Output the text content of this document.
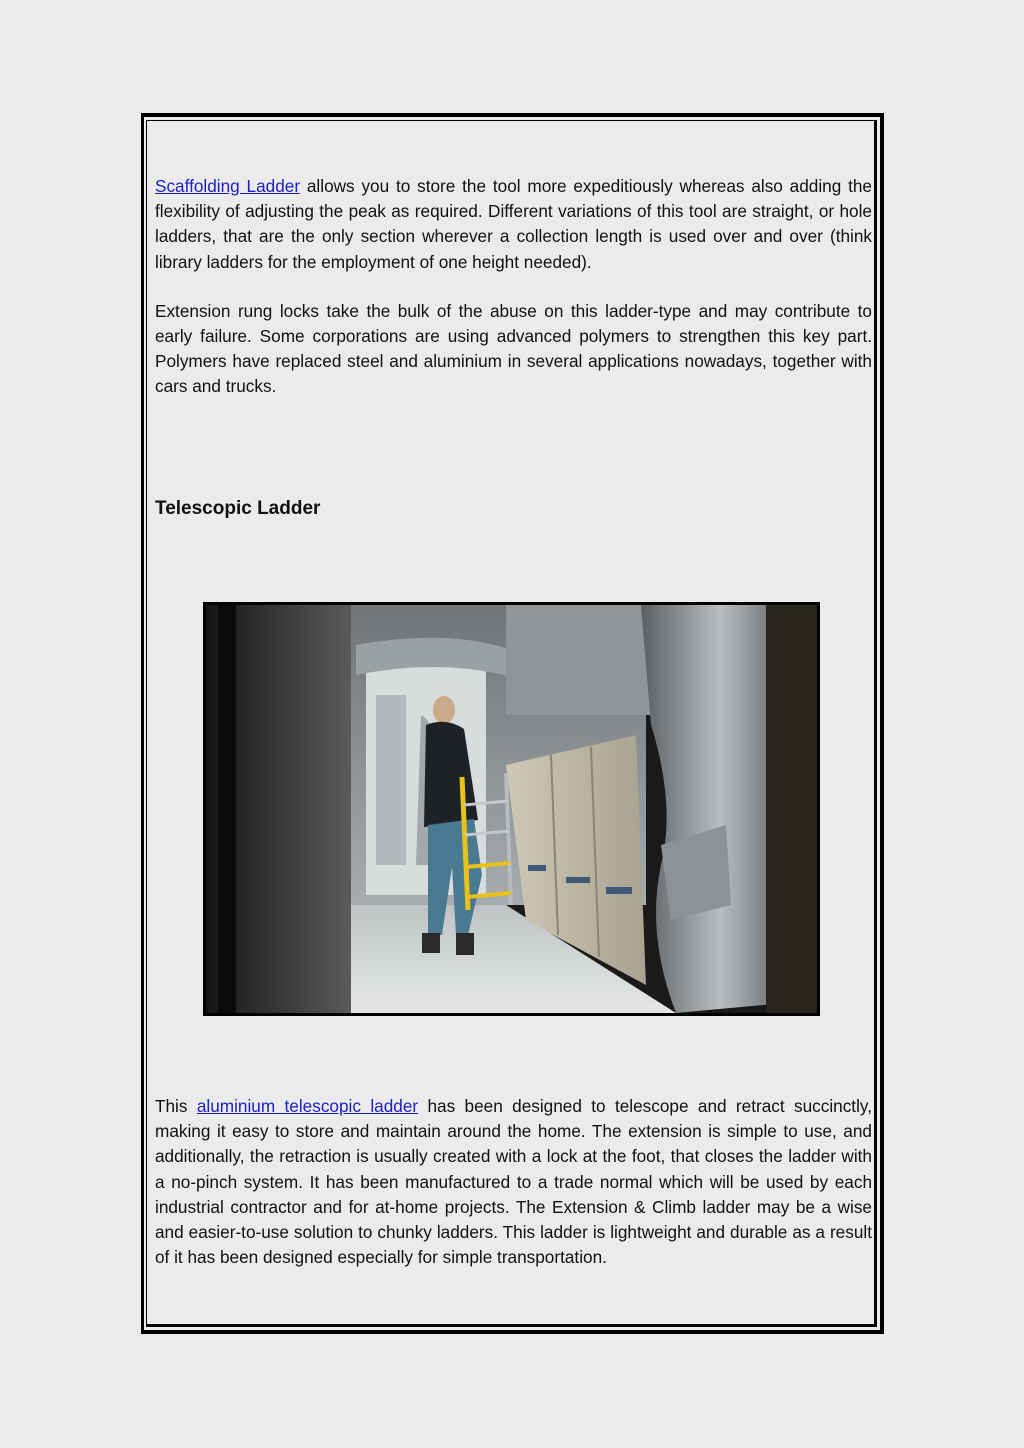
Scaffolding Ladder allows you to store the tool more expeditiously whereas also adding the flexibility of adjusting the peak as required. Different variations of this tool are straight, or hole ladders, that are the only section wherever a collection length is used over and over (think library ladders for the employment of one height needed).

Extension rung locks take the bulk of the abuse on this ladder-type and may contribute to early failure. Some corporations are using advanced polymers to strengthen this key part. Polymers have replaced steel and aluminium in several applications nowadays, together with cars and trucks.

Telescopic Ladder

This aluminium telescopic ladder has been designed to telescope and retract succinctly, making it easy to store and maintain around the home. The extension is simple to use, and additionally, the retraction is usually created with a lock at the foot, that closes the ladder with a no-pinch system. It has been manufactured to a trade normal which will be used by each industrial contractor and for at-home projects. The Extension & Climb ladder may be a wise and easier-to-use solution to chunky ladders. This ladder is lightweight and durable as a result of it has been designed especially for simple transportation.
